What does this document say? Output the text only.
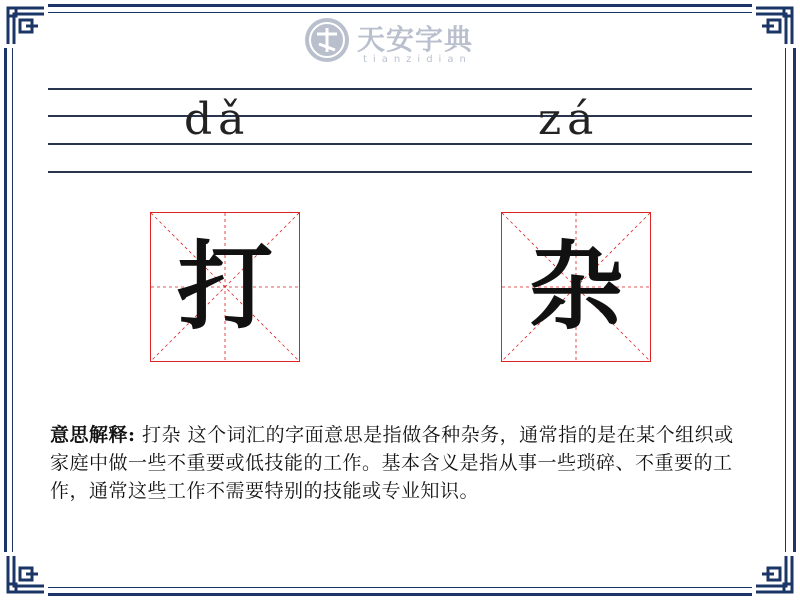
天安字典
tianzidian
dǎ	zá
打	杂
意思解释: 打杂 这个词汇的字面意思是指做各种杂务，通常指的是在某个组织或家庭中做一些不重要或低技能的工作。基本含义是指从事一些琐碎、不重要的工作，通常这些工作不需要特别的技能或专业知识。
